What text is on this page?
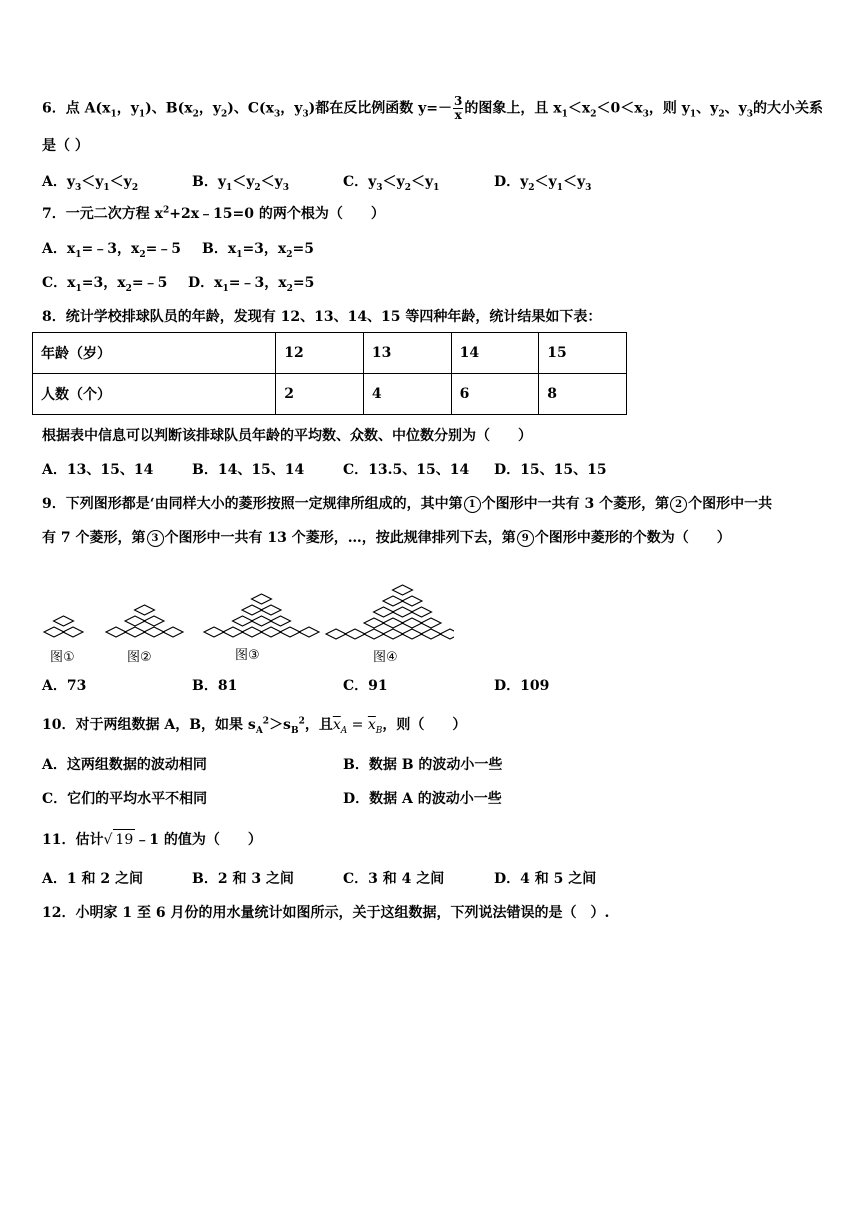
6．点 $A(x_1$，$y_1$)、$B(x_2$，$y_2$)、$C(x_3$，$y_3$)都在反比例函数 $y=- \frac{3}{x}$ 的图象上，且 $x_1<x_2<0<x_3$，则 $y_1$、$y_2$、$y_3$的大小关系
是（ ）
A．$y_3<y_1<y_2$	B．$y_1<y_2<y_3$	C．$y_3<y_2<y_1$	D．$y_2<y_1<y_3$
7．一元二次方程 $x^2+2x﹣15=0$ 的两个根为（　　）
A．$x_1=﹣3$，$x_2=﹣5$ B．$x_1=3$，$x_2=5$
C．$x_1=3$，$x_2=﹣5$ D．$x_1=﹣3$，$x_2=5$
8．统计学校排球队员的年龄，发现有 12、13、14、15 等四种年龄，统计结果如下表：
年龄（岁）	12	13	14	15
人数（个）	2	4	6	8
根据表中信息可以判断该排球队员年龄的平均数、众数、中位数分别为（　　）
A．13、15、14	B．14、15、14	C．13.5、15、14 D．15、15、15
9．下列图形都是‘由同样大小的菱形按照一定规律所组成的，其中第 1 个图形中一共有 3 个菱形，第 2 个图形中一共
有 7 个菱形，第 3 个图形中一共有 13 个菱形，…，按此规律排列下去，第 9 个图形中菱形的个数为（　　）
图①	图②	图③	图④
A．73	B．81	C．91	D．109
10．对于两组数据 A，B，如果 $s_A^2>s_B^2$，且$\overline{x}_A = \overline{x}_B$，则（　　）
A．这两组数据的波动相同	B．数据 B 的波动小一些
C．它们的平均水平不相同	D．数据 A 的波动小一些
11．估计√ 19 ﹣1 的值为（　　）
A．1 和 2 之间	B．2 和 3 之间	C．3 和 4 之间	D．4 和 5 之间
12．小明家 1 至 6 月份的用水量统计如图所示，关于这组数据，下列说法错误的是（　）.
